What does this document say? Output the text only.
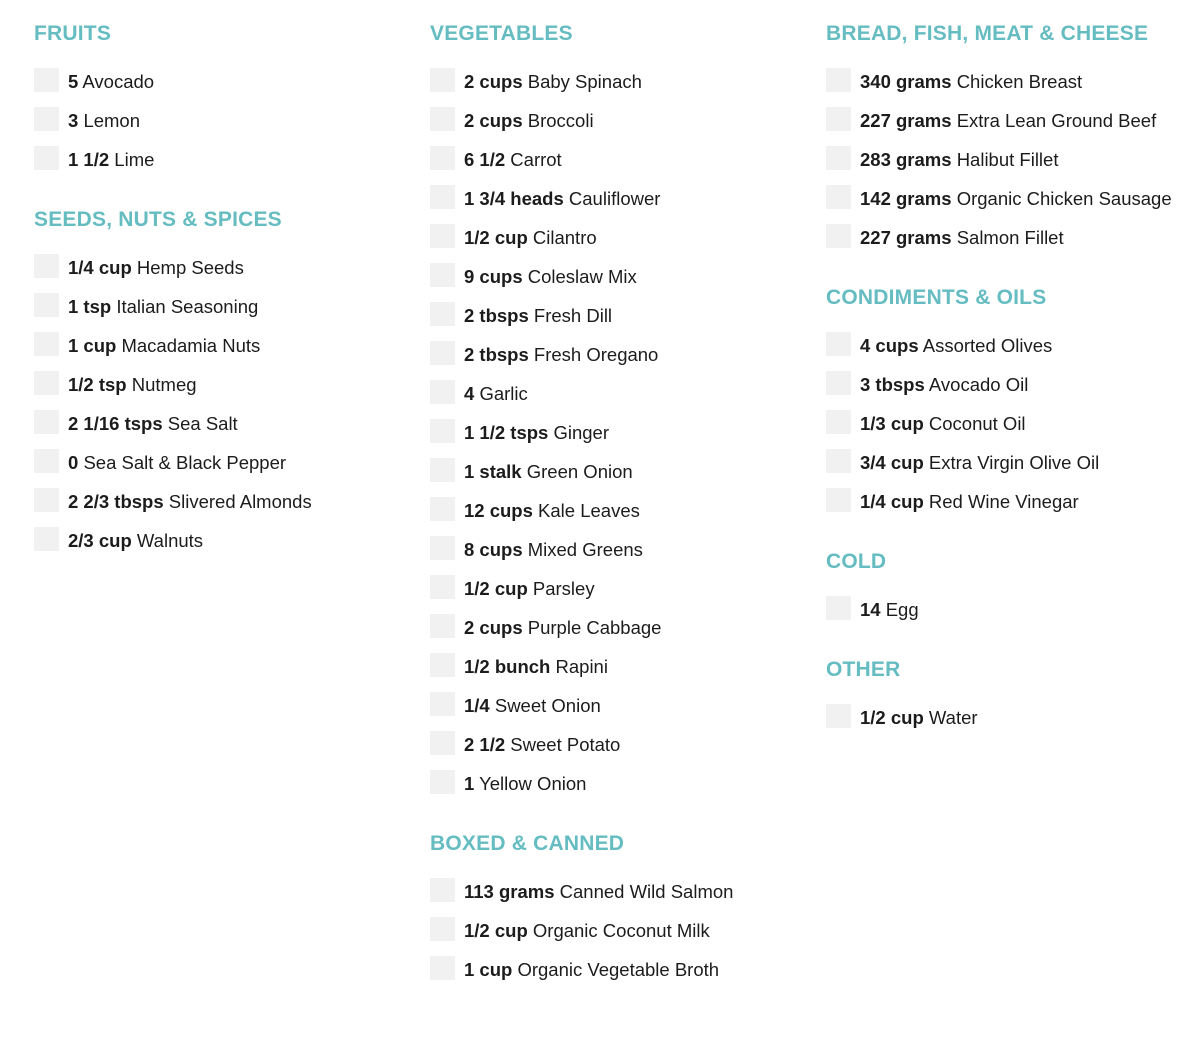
FRUITS
5 Avocado
3 Lemon
1 1/2 Lime
SEEDS, NUTS & SPICES
1/4 cup Hemp Seeds
1 tsp Italian Seasoning
1 cup Macadamia Nuts
1/2 tsp Nutmeg
2 1/16 tsps Sea Salt
0 Sea Salt & Black Pepper
2 2/3 tbsps Slivered Almonds
2/3 cup Walnuts
VEGETABLES
2 cups Baby Spinach
2 cups Broccoli
6 1/2 Carrot
1 3/4 heads Cauliflower
1/2 cup Cilantro
9 cups Coleslaw Mix
2 tbsps Fresh Dill
2 tbsps Fresh Oregano
4 Garlic
1 1/2 tsps Ginger
1 stalk Green Onion
12 cups Kale Leaves
8 cups Mixed Greens
1/2 cup Parsley
2 cups Purple Cabbage
1/2 bunch Rapini
1/4 Sweet Onion
2 1/2 Sweet Potato
1 Yellow Onion
BOXED & CANNED
113 grams Canned Wild Salmon
1/2 cup Organic Coconut Milk
1 cup Organic Vegetable Broth
BREAD, FISH, MEAT & CHEESE
340 grams Chicken Breast
227 grams Extra Lean Ground Beef
283 grams Halibut Fillet
142 grams Organic Chicken Sausage
227 grams Salmon Fillet
CONDIMENTS & OILS
4 cups Assorted Olives
3 tbsps Avocado Oil
1/3 cup Coconut Oil
3/4 cup Extra Virgin Olive Oil
1/4 cup Red Wine Vinegar
COLD
14 Egg
OTHER
1/2 cup Water
